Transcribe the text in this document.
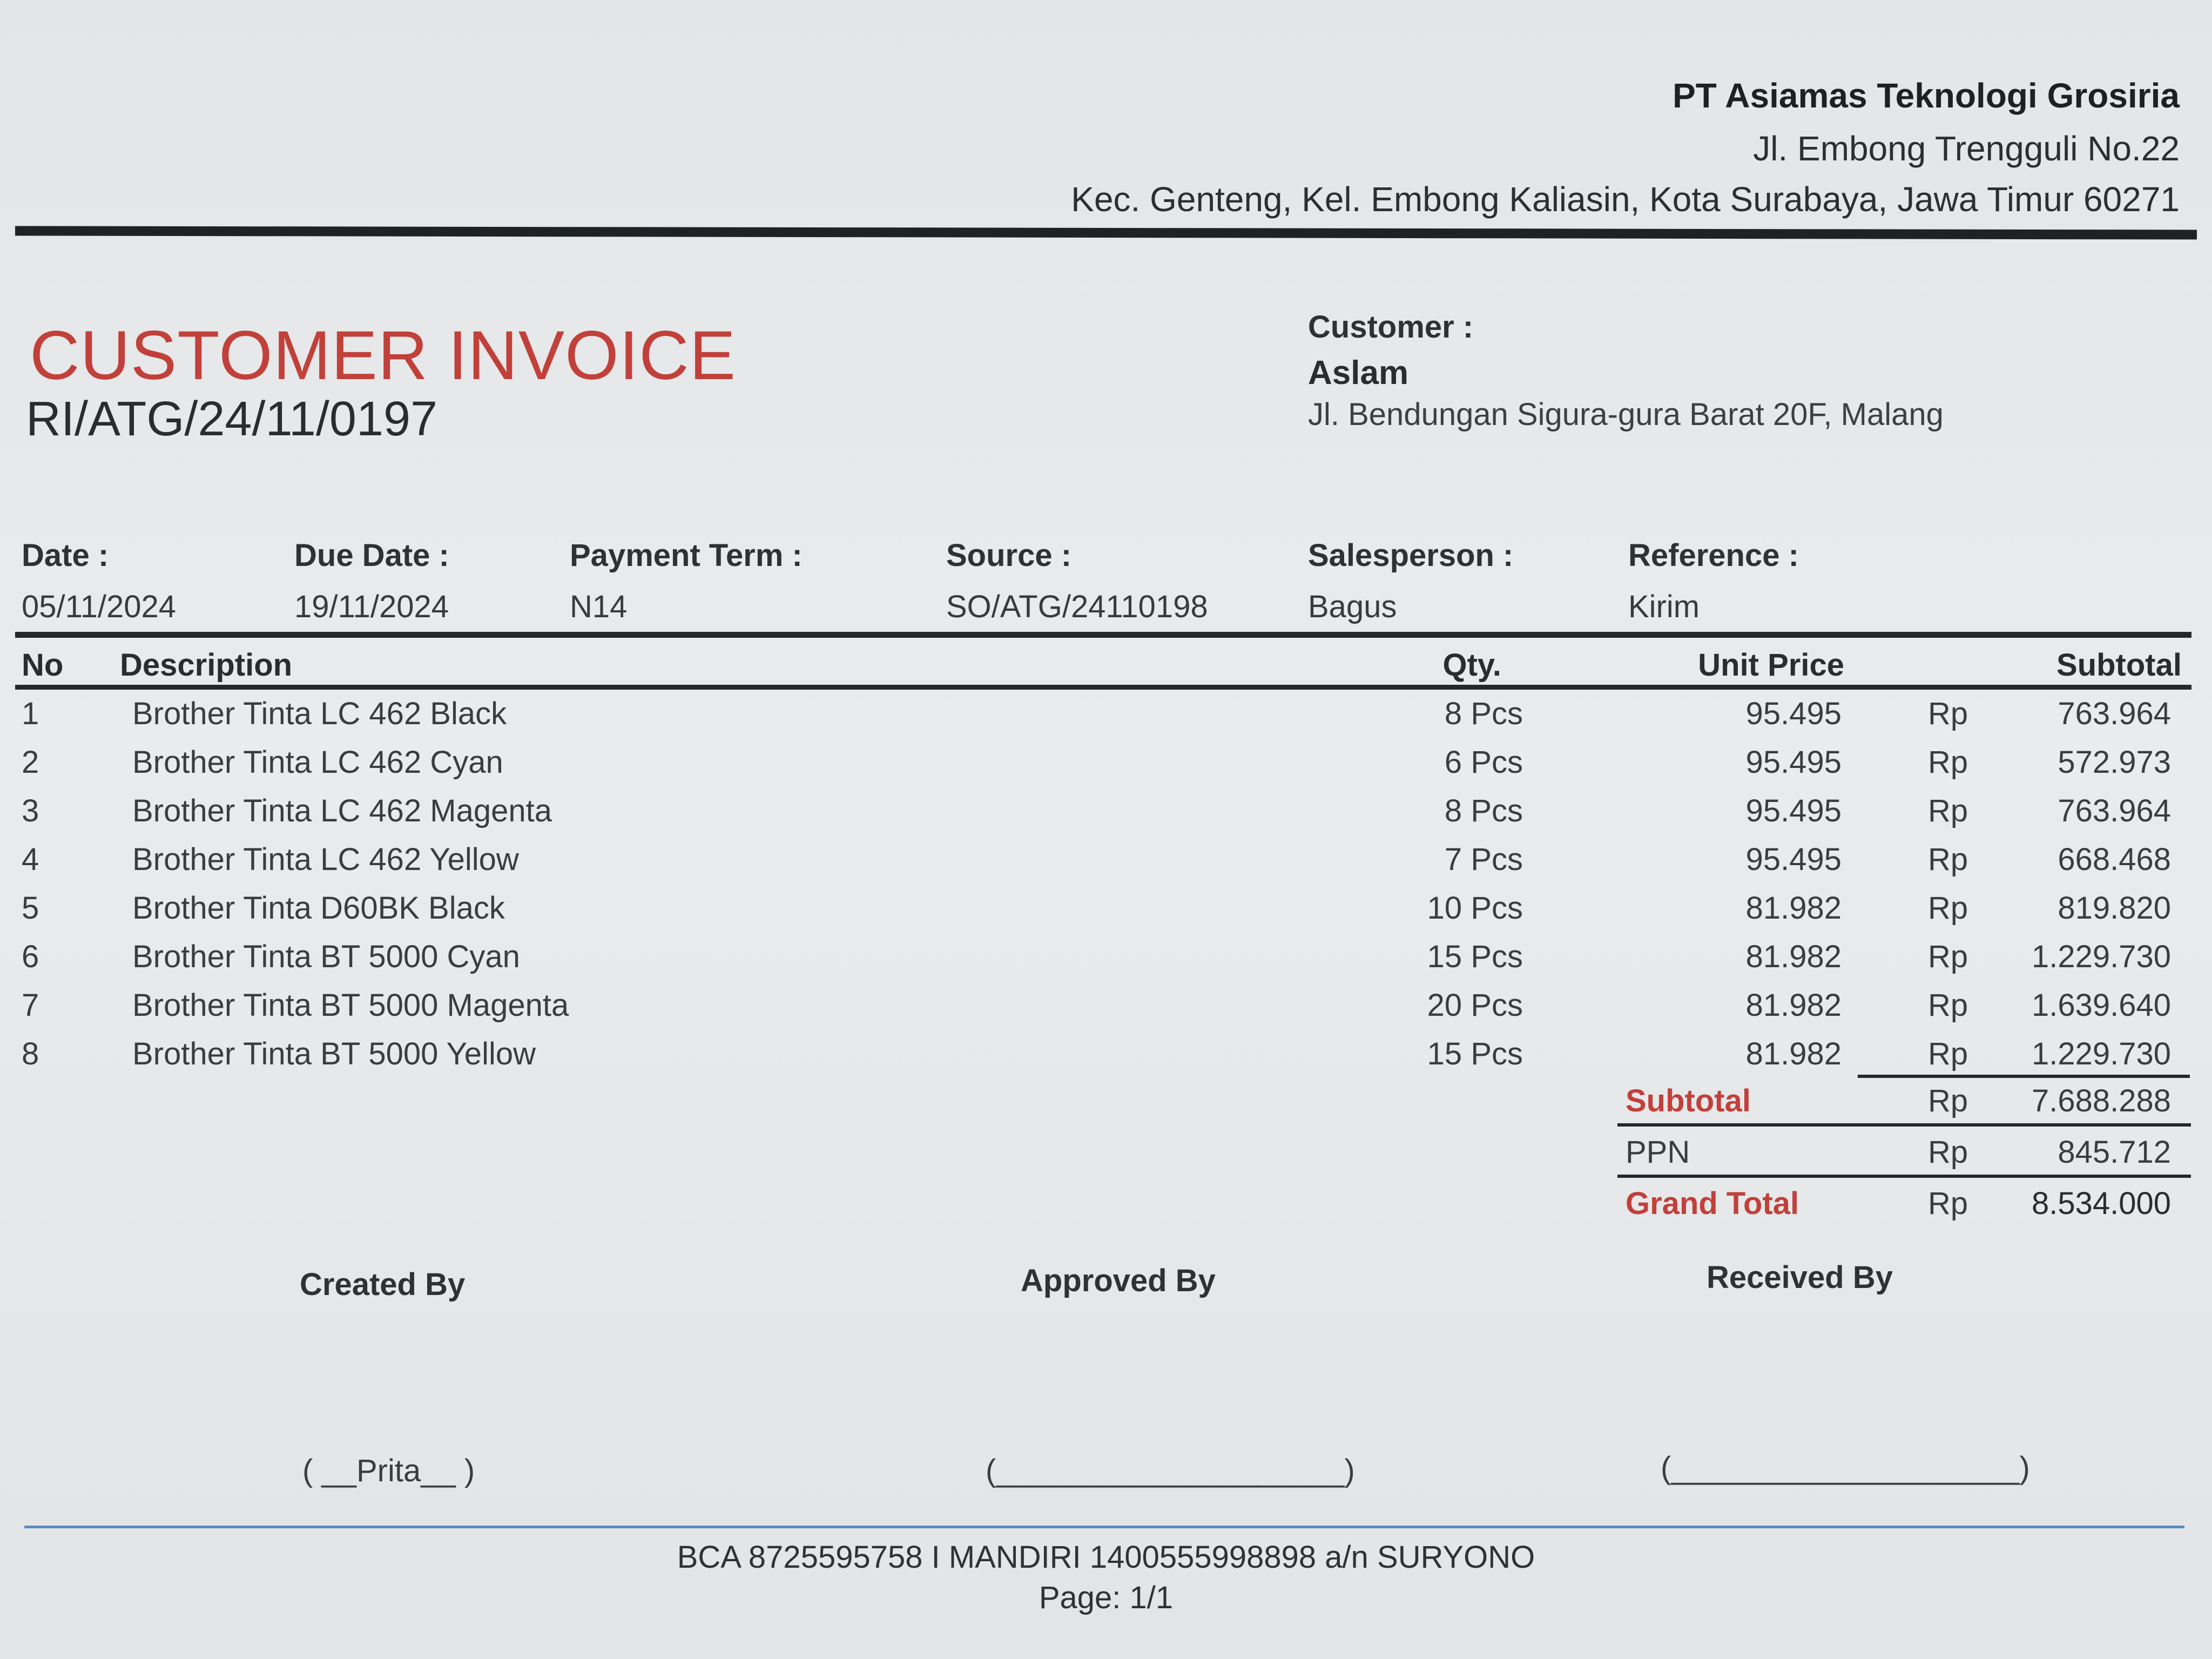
PT Asiamas Teknologi Grosiria
Jl. Embong Trengguli No.22
Kec. Genteng, Kel. Embong Kaliasin, Kota Surabaya, Jawa Timur 60271
CUSTOMER INVOICE
RI/ATG/24/11/0197
Customer :
Aslam
Jl. Bendungan Sigura-gura Barat 20F, Malang
Date :
05/11/2024
Due Date :
19/11/2024
Payment Term :
N14
Source :
SO/ATG/24110198
Salesperson :
Bagus
Reference :
Kirim
No Description	Qty.	Unit Price	Subtotal
1	Brother Tinta LC 462 Black	8 Pcs	95.495	Rp	763.964
2	Brother Tinta LC 462 Cyan	6 Pcs	95.495	Rp	572.973
3	Brother Tinta LC 462 Magenta	8 Pcs	95.495	Rp	763.964
4	Brother Tinta LC 462 Yellow	7 Pcs	95.495	Rp	668.468
5	Brother Tinta D60BK Black	10 Pcs	81.982	Rp	819.820
6	Brother Tinta BT 5000 Cyan	15 Pcs	81.982	Rp	1.229.730
7	Brother Tinta BT 5000 Magenta	20 Pcs	81.982	Rp	1.639.640
8	Brother Tinta BT 5000 Yellow	15 Pcs	81.982	Rp	1.229.730
Subtotal	Rp	7.688.288
PPN	Rp	845.712
Grand Total	Rp	8.534.000
Created By	Approved By	Received By
( __Prita__ )	(____________________)	(____________________)
BCA 8725595758 I MANDIRI 1400555998898 a/n SURYONO
Page: 1/1
